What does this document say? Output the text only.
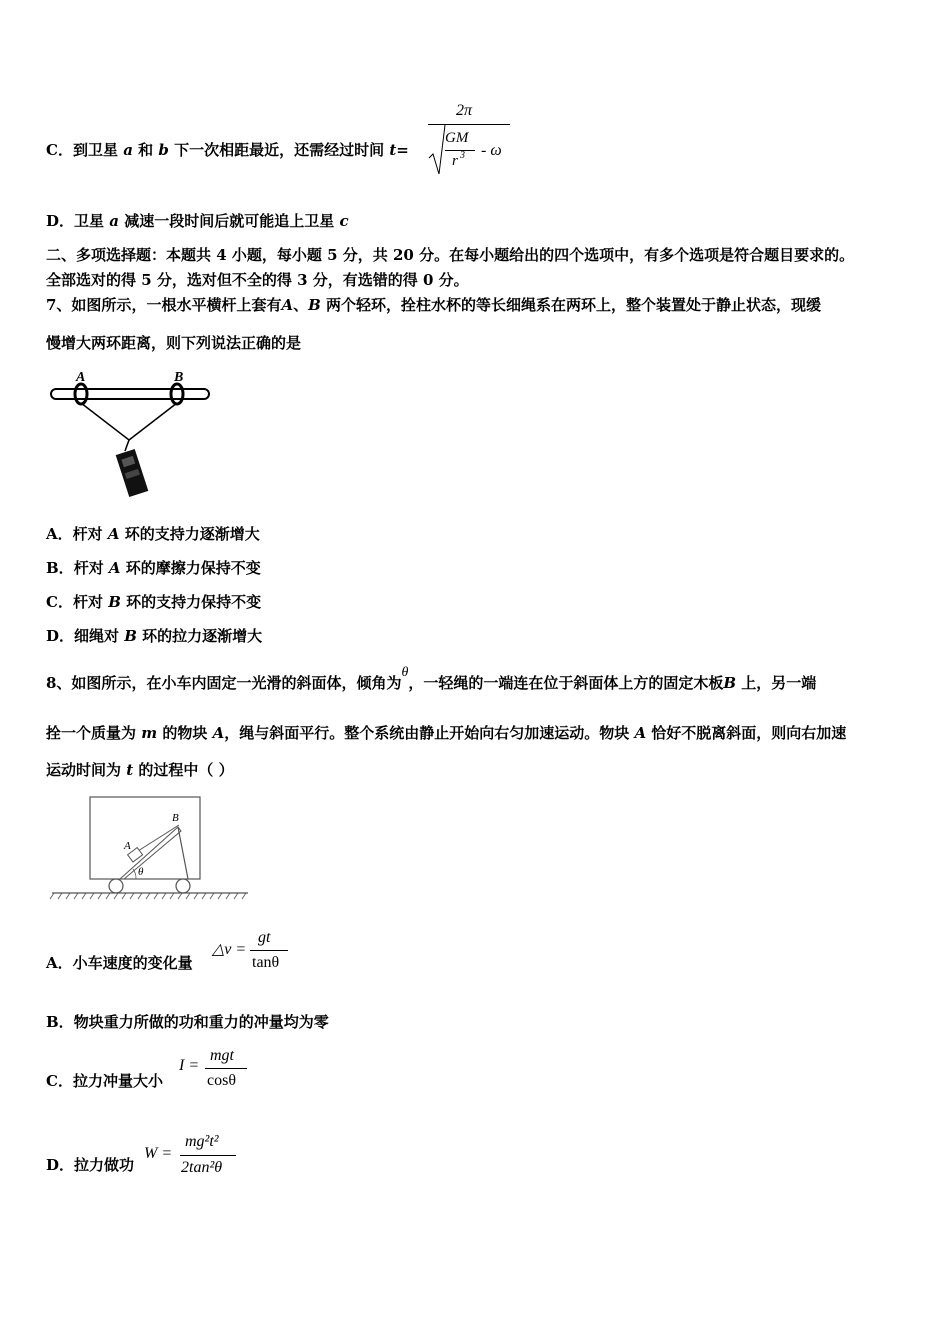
C．到卫星 a 和 b 下一次相距最近，还需经过时间 t=
2π
GM
r 3 - ω
D．卫星 a 减速一段时间后就可能追上卫星 c
二、多项选择题：本题共 4 小题，每小题 5 分，共 20 分。在每小题给出的四个选项中，有多个选项是符合题目要求的。
全部选对的得 5 分，选对但不全的得 3 分，有选错的得 0 分。
7、如图所示，一根水平横杆上套有A、B 两个轻环，拴柱水杯的等长细绳系在两环上，整个装置处于静止状态，现缓
慢增大两环距离，则下列说法正确的是
A	B
A．杆对 A 环的支持力逐渐增大
B．杆对 A 环的摩擦力保持不变
C．杆对 B 环的支持力保持不变
D．细绳对 B 环的拉力逐渐增大
8、如图所示，在小车内固定一光滑的斜面体，倾角为θ，一轻绳的一端连在位于斜面体上方的固定木板B 上，另一端
拴一个质量为 m 的物块 A，绳与斜面平行。整个系统由静止开始向右匀加速运动。物块 A 恰好不脱离斜面，则向右加速
运动时间为 t 的过程中（ ）
θ
A
B
A．小车速度的变化量
△v =
gt
tanθ
B．物块重力所做的功和重力的冲量均为零
C．拉力冲量大小
I =
mgt
cosθ
D．拉力做功
W =
mg²t²
2tan²θ
